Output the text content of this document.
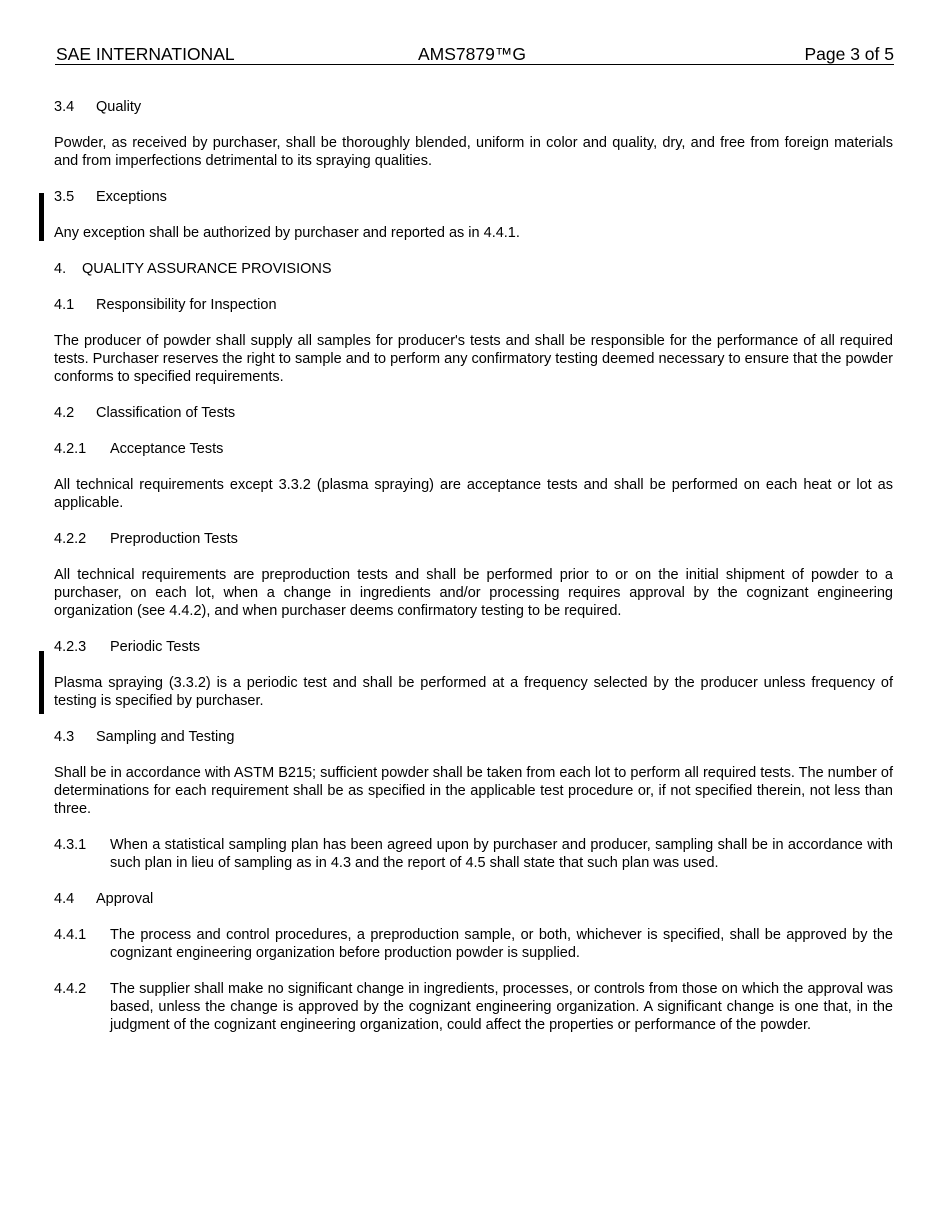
SAE INTERNATIONAL	AMS7879™G	Page 3 of 5
3.4 Quality

Powder, as received by purchaser, shall be thoroughly blended, uniform in color and quality, dry, and free from foreign materials and from imperfections detrimental to its spraying qualities.

3.5 Exceptions

Any exception shall be authorized by purchaser and reported as in 4.4.1.

4. QUALITY ASSURANCE PROVISIONS
4.1 Responsibility for Inspection

The producer of powder shall supply all samples for producer's tests and shall be responsible for the performance of all required tests. Purchaser reserves the right to sample and to perform any confirmatory testing deemed necessary to ensure that the powder conforms to specified requirements.

4.2 Classification of Tests
4.2.1 Acceptance Tests

All technical requirements except 3.3.2 (plasma spraying) are acceptance tests and shall be performed on each heat or lot as applicable.

4.2.2 Preproduction Tests

All technical requirements are preproduction tests and shall be performed prior to or on the initial shipment of powder to a purchaser, on each lot, when a change in ingredients and/or processing requires approval by the cognizant engineering organization (see 4.4.2), and when purchaser deems confirmatory testing to be required.

4.2.3 Periodic Tests

Plasma spraying (3.3.2) is a periodic test and shall be performed at a frequency selected by the producer unless frequency of testing is specified by purchaser.

4.3 Sampling and Testing

Shall be in accordance with ASTM B215; sufficient powder shall be taken from each lot to perform all required tests. The number of determinations for each requirement shall be as specified in the applicable test procedure or, if not specified therein, not less than three.

4.3.1 When a statistical sampling plan has been agreed upon by purchaser and producer, sampling shall be in accordance with such plan in lieu of sampling as in 4.3 and the report of 4.5 shall state that such plan was used.
4.4 Approval
4.4.1 The process and control procedures, a preproduction sample, or both, whichever is specified, shall be approved by the cognizant engineering organization before production powder is supplied.
4.4.2 The supplier shall make no significant change in ingredients, processes, or controls from those on which the approval was based, unless the change is approved by the cognizant engineering organization. A significant change is one that, in the judgment of the cognizant engineering organization, could affect the properties or performance of the powder.
